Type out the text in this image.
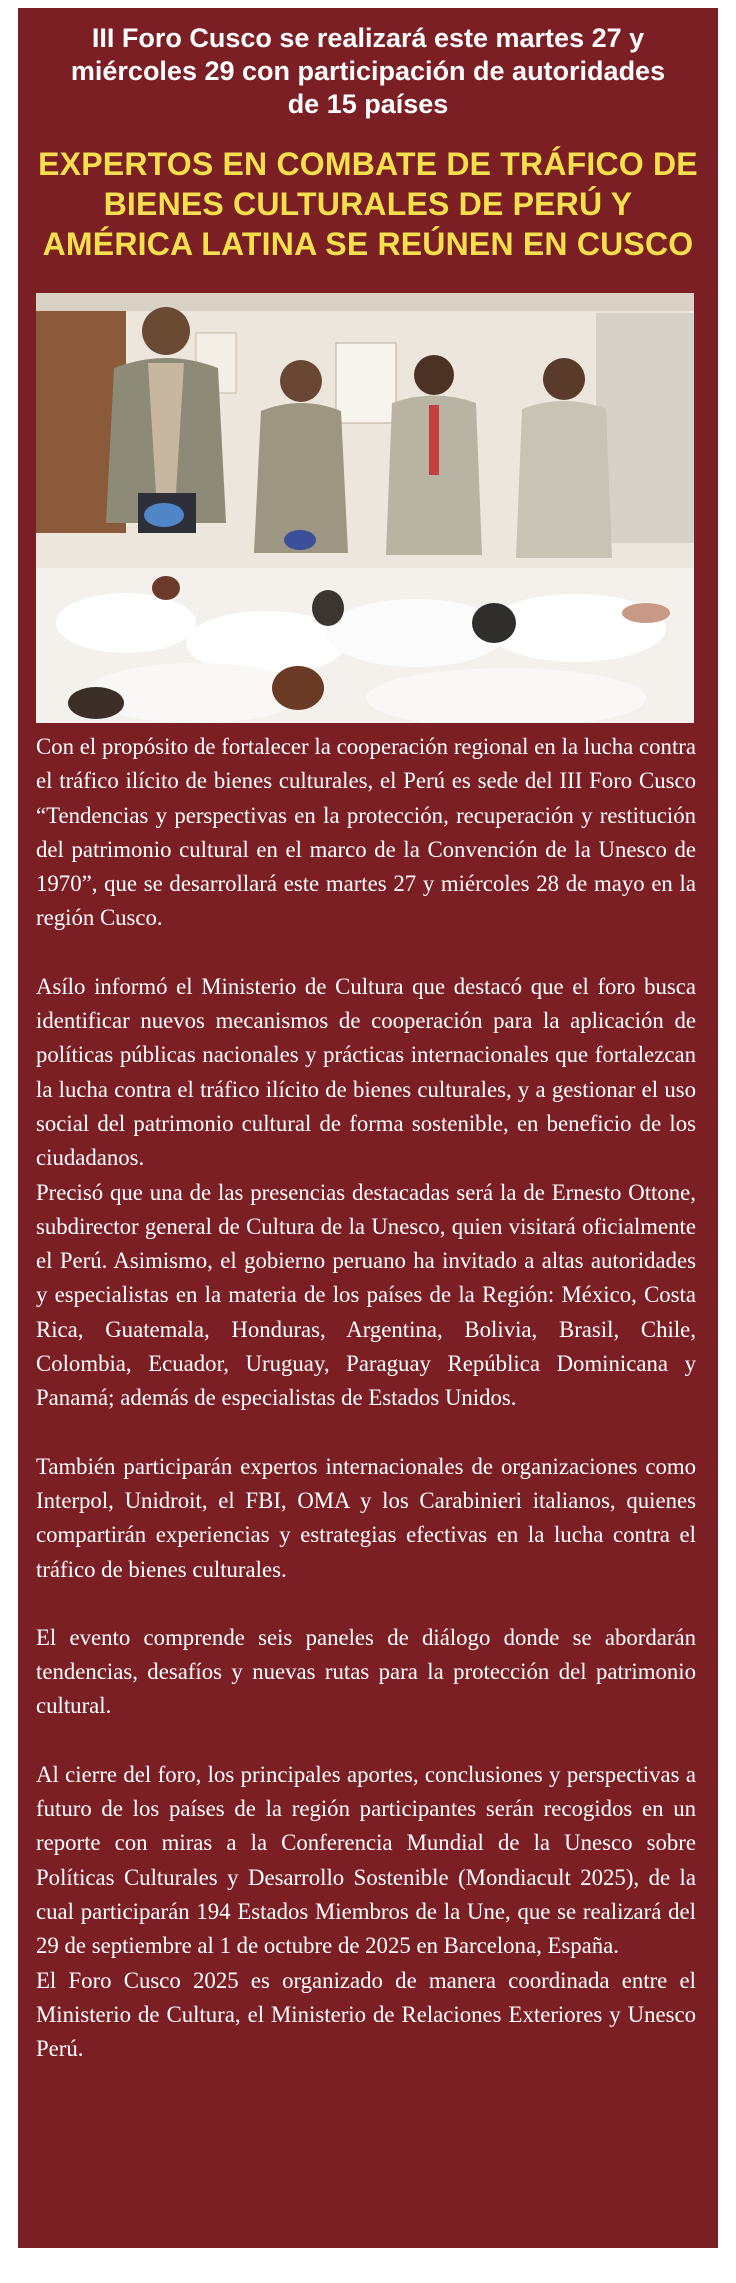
III Foro Cusco se realizará este martes 27 y miércoles 29 con participación de autoridades de 15 países
EXPERTOS EN COMBATE DE TRÁFICO DE BIENES CULTURALES DE PERÚ Y AMÉRICA LATINA SE REÚNEN EN CUSCO

Con el propósito de fortalecer la cooperación regional en la lucha contra el tráfico ilícito de bienes culturales, el Perú es sede del III Foro Cusco “Tendencias y perspectivas en la protección, recuperación y restitución del patrimonio cultural en el marco de la Convención de la Unesco de 1970”, que se desarrollará este martes 27 y miércoles 28 de mayo en la región Cusco.

Asílo informó el Ministerio de Cultura que destacó que el foro busca identificar nuevos mecanismos de cooperación para la aplicación de políticas públicas nacionales y prácticas internacionales que fortalezcan la lucha contra el tráfico ilícito de bienes culturales, y a gestionar el uso social del patrimonio cultural de forma sostenible, en beneficio de los ciudadanos.

Precisó que una de las presencias destacadas será la de Ernesto Ottone, subdirector general de Cultura de la Unesco, quien visitará oficialmente el Perú. Asimismo, el gobierno peruano ha invitado a altas autoridades y especialistas en la materia de los países de la Región: México, Costa Rica, Guatemala, Honduras, Argentina, Bolivia, Brasil, Chile, Colombia, Ecuador, Uruguay, Paraguay República Dominicana y Panamá; además de especialistas de Estados Unidos.

También participarán expertos internacionales de organizaciones como Interpol, Unidroit, el FBI, OMA y los Carabinieri italianos, quienes compartirán experiencias y estrategias efectivas en la lucha contra el tráfico de bienes culturales.

El evento comprende seis paneles de diálogo donde se abordarán tendencias, desafíos y nuevas rutas para la protección del patrimonio cultural.

Al cierre del foro, los principales aportes, conclusiones y perspectivas a futuro de los países de la región participantes serán recogidos en un reporte con miras a la Conferencia Mundial de la Unesco sobre Políticas Culturales y Desarrollo Sostenible (Mondiacult 2025), de la cual participarán 194 Estados Miembros de la Une, que se realizará del 29 de septiembre al 1 de octubre de 2025 en Barcelona, España.

El Foro Cusco 2025 es organizado de manera coordinada entre el Ministerio de Cultura, el Ministerio de Relaciones Exteriores y Unesco Perú.
